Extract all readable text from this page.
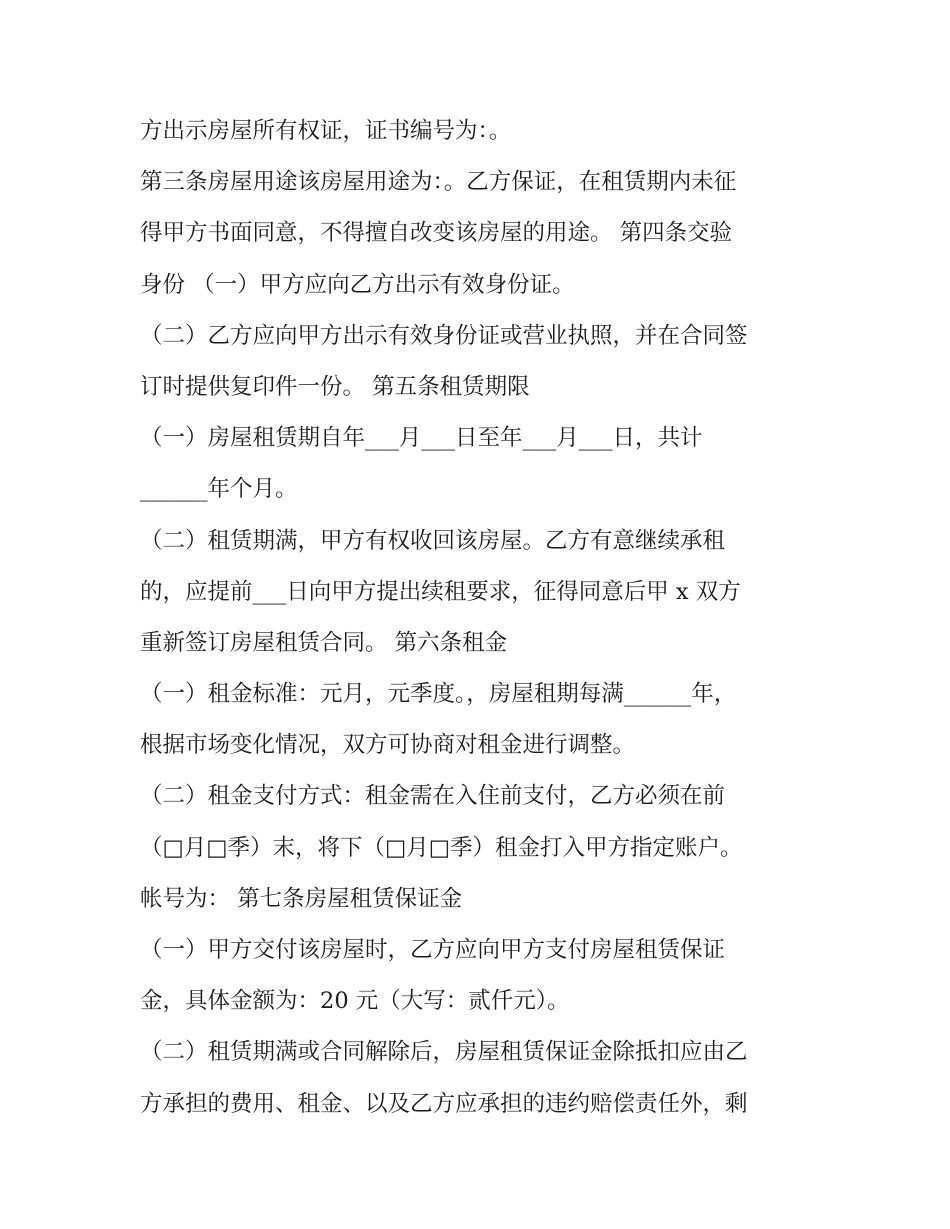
方出示房屋所有权证，证书编号为：。
第三条房屋用途该房屋用途为：。乙方保证，在租赁期内未征
得甲方书面同意，不得擅自改变该房屋的用途。 第四条交验
身份 （一）甲方应向乙方出示有效身份证。
（二）乙方应向甲方出示有效身份证或营业执照，并在合同签
订时提供复印件一份。 第五条租赁期限
（一）房屋租赁期自年___月___日至年___月___日，共计
______年个月。
（二）租赁期满，甲方有权收回该房屋。乙方有意继续承租
的，应提前___日向甲方提出续租要求，征得同意后甲 x 双方
重新签订房屋租赁合同。 第六条租金
（一）租金标准：元月，元季度。，房屋租期每满______年，
根据市场变化情况，双方可协商对租金进行调整。
（二）租金支付方式：租金需在入住前支付，乙方必须在前
（□月□季）末，将下（□月□季）租金打入甲方指定账户。
帐号为： 第七条房屋租赁保证金
（一）甲方交付该房屋时，乙方应向甲方支付房屋租赁保证
金，具体金额为：20 元（大写：贰仟元）。
（二）租赁期满或合同解除后，房屋租赁保证金除抵扣应由乙
方承担的费用、租金、以及乙方应承担的违约赔偿责任外，剩
